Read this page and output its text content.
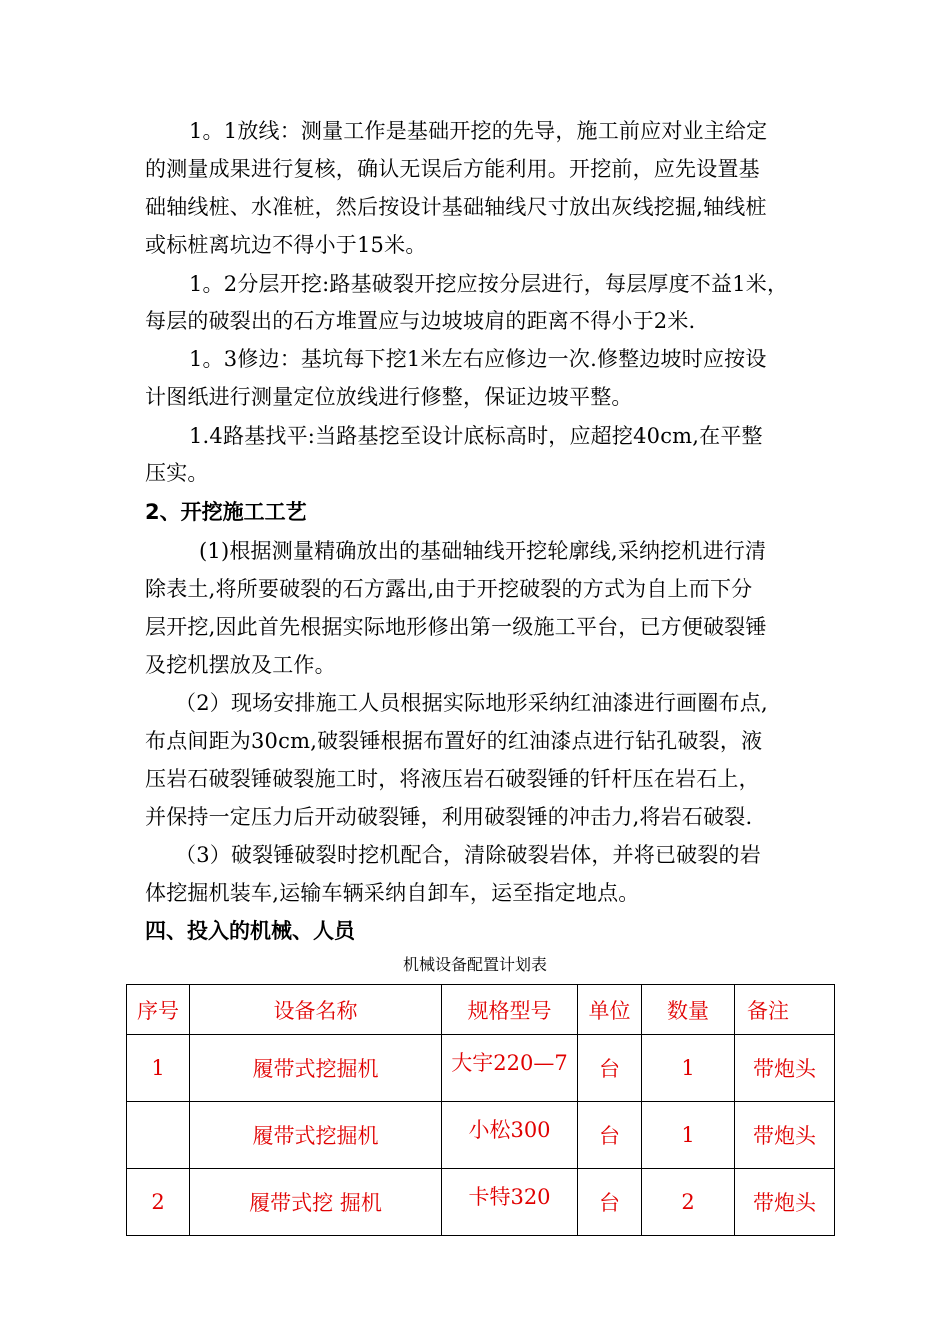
1。1放线：测量工作是基础开挖的先导，施工前应对业主给定
的测量成果进行复核，确认无误后方能利用。开挖前，应先设置基
础轴线桩、水准桩，然后按设计基础轴线尺寸放出灰线挖掘,轴线桩
或标桩离坑边不得小于15米。
1。2分层开挖:路基破裂开挖应按分层进行，每层厚度不益1米，
每层的破裂出的石方堆置应与边坡坡肩的距离不得小于2米.
1。3修边：基坑每下挖1米左右应修边一次.修整边坡时应按设
计图纸进行测量定位放线进行修整，保证边坡平整。
1.4路基找平:当路基挖至设计底标高时，应超挖40cm,在平整
压实。
2、开挖施工工艺
(1)根据测量精确放出的基础轴线开挖轮廓线,采纳挖机进行清
除表土,将所要破裂的石方露出,由于开挖破裂的方式为自上而下分
层开挖,因此首先根据实际地形修出第一级施工平台，已方便破裂锤
及挖机摆放及工作。
（2）现场安排施工人员根据实际地形采纳红油漆进行画圈布点,
布点间距为30cm,破裂锤根据布置好的红油漆点进行钻孔破裂，液
压岩石破裂锤破裂施工时，将液压岩石破裂锤的钎杆压在岩石上，
并保持一定压力后开动破裂锤，利用破裂锤的冲击力,将岩石破裂.
（3）破裂锤破裂时挖机配合，清除破裂岩体，并将已破裂的岩
体挖掘机装车,运输车辆采纳自卸车，运至指定地点。
四、投入的机械、人员
机械设备配置计划表
序号	设备名称	规格型号	单位	数量	备注
1	履带式挖掘机	大宇220—7	台	1	带炮头
	履带式挖掘机	小松300	台	1	带炮头
2	履带式挖 掘机	卡特320	台	2	带炮头
